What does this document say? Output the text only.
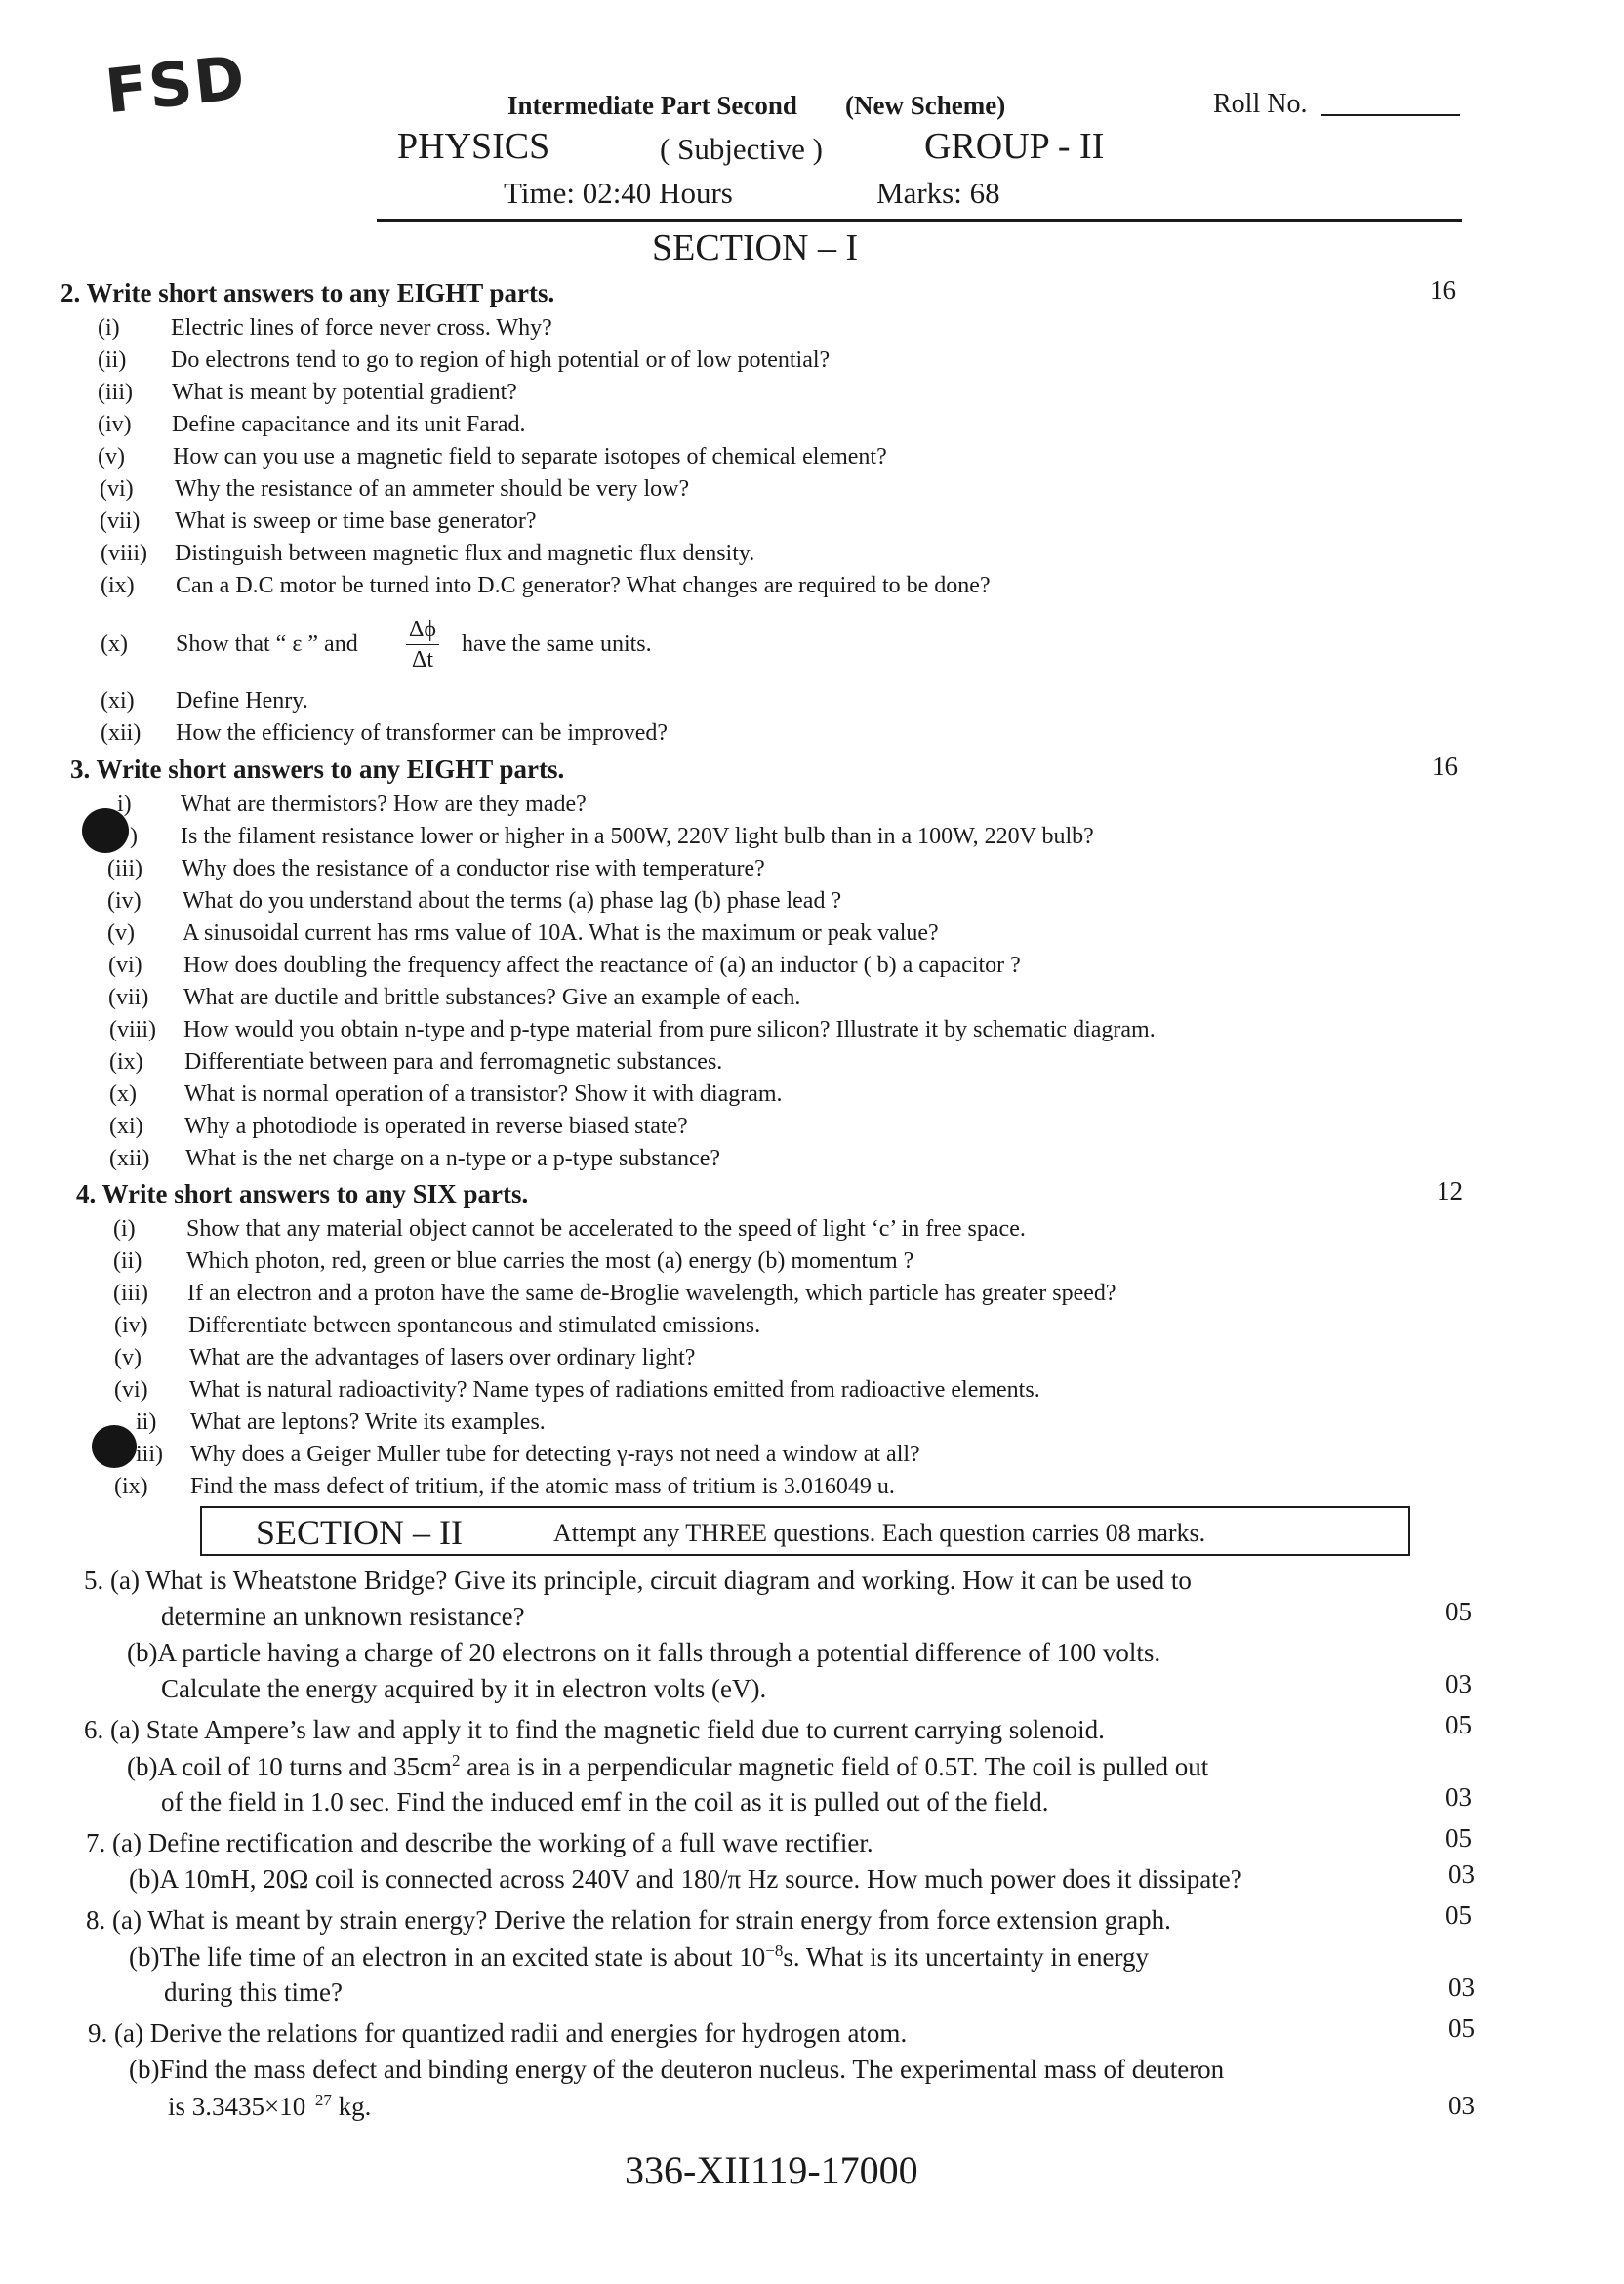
FSD	Intermediate Part Second (New Scheme)	Roll No.
PHYSICS	( Subjective )	GROUP - II
Time: 02:40 Hours	Marks: 68
SECTION – I
2. Write short answers to any EIGHT parts.	16
(i) Electric lines of force never cross. Why?
(ii) Do electrons tend to go to region of high potential or of low potential?
(iii) What is meant by potential gradient?
(iv) Define capacitance and its unit Farad.
(v) How can you use a magnetic field to separate isotopes of chemical element?
(vi) Why the resistance of an ammeter should be very low?
(vii) What is sweep or time base generator?
(viii) Distinguish between magnetic flux and magnetic flux density.
(ix) Can a D.C motor be turned into D.C generator? What changes are required to be done?
(x) Show that “ ε ” and $\frac{\Delta\phi}{\Delta t}$ have the same units.
(xi) Define Henry.
(xii) How the efficiency of transformer can be improved?
3. Write short answers to any EIGHT parts.	16
i) What are thermistors? How are they made?
) Is the filament resistance lower or higher in a 500W, 220V light bulb than in a 100W, 220V bulb?
(iii) Why does the resistance of a conductor rise with temperature?
(iv) What do you understand about the terms (a) phase lag (b) phase lead ?
(v) A sinusoidal current has rms value of 10A. What is the maximum or peak value?
(vi) How does doubling the frequency affect the reactance of (a) an inductor ( b) a capacitor ?
(vii) What are ductile and brittle substances? Give an example of each.
(viii) How would you obtain n-type and p-type material from pure silicon? Illustrate it by schematic diagram.
(ix) Differentiate between para and ferromagnetic substances.
(x) What is normal operation of a transistor? Show it with diagram.
(xi) Why a photodiode is operated in reverse biased state?
(xii) What is the net charge on a n-type or a p-type substance?
4. Write short answers to any SIX parts.	12
(i) Show that any material object cannot be accelerated to the speed of light ‘c’ in free space.
(ii) Which photon, red, green or blue carries the most (a) energy (b) momentum ?
(iii) If an electron and a proton have the same de-Broglie wavelength, which particle has greater speed?
(iv) Differentiate between spontaneous and stimulated emissions.
(v) What are the advantages of lasers over ordinary light?
(vi) What is natural radioactivity? Name types of radiations emitted from radioactive elements.
ii) What are leptons? Write its examples.
iii) Why does a Geiger Muller tube for detecting γ-rays not need a window at all?
(ix) Find the mass defect of tritium, if the atomic mass of tritium is 3.016049 u.
SECTION – II	Attempt any THREE questions. Each question carries 08 marks.
5. (a) What is Wheatstone Bridge? Give its principle, circuit diagram and working. How it can be used to
determine an unknown resistance?	05
(b)A particle having a charge of 20 electrons on it falls through a potential difference of 100 volts.
Calculate the energy acquired by it in electron volts (eV).	03
6. (a) State Ampere’s law and apply it to find the magnetic field due to current carrying solenoid.	05
(b)A coil of 10 turns and $35cm^2$ area is in a perpendicular magnetic field of 0.5T. The coil is pulled out
of the field in 1.0 sec. Find the induced emf in the coil as it is pulled out of the field.	03
7. (a) Define rectification and describe the working of a full wave rectifier.	05
(b)A 10mH, 20Ω coil is connected across 240V and 180/π Hz source. How much power does it dissipate?	03
8. (a) What is meant by strain energy? Derive the relation for strain energy from force extension graph.	05
(b)The life time of an electron in an excited state is about $10^{-8}s$. What is its uncertainty in energy
during this time?	03
9. (a) Derive the relations for quantized radii and energies for hydrogen atom.	05
(b)Find the mass defect and binding energy of the deuteron nucleus. The experimental mass of deuteron
is $3.3435\times 10^{-27}$ kg.	03
336-XII119-17000
